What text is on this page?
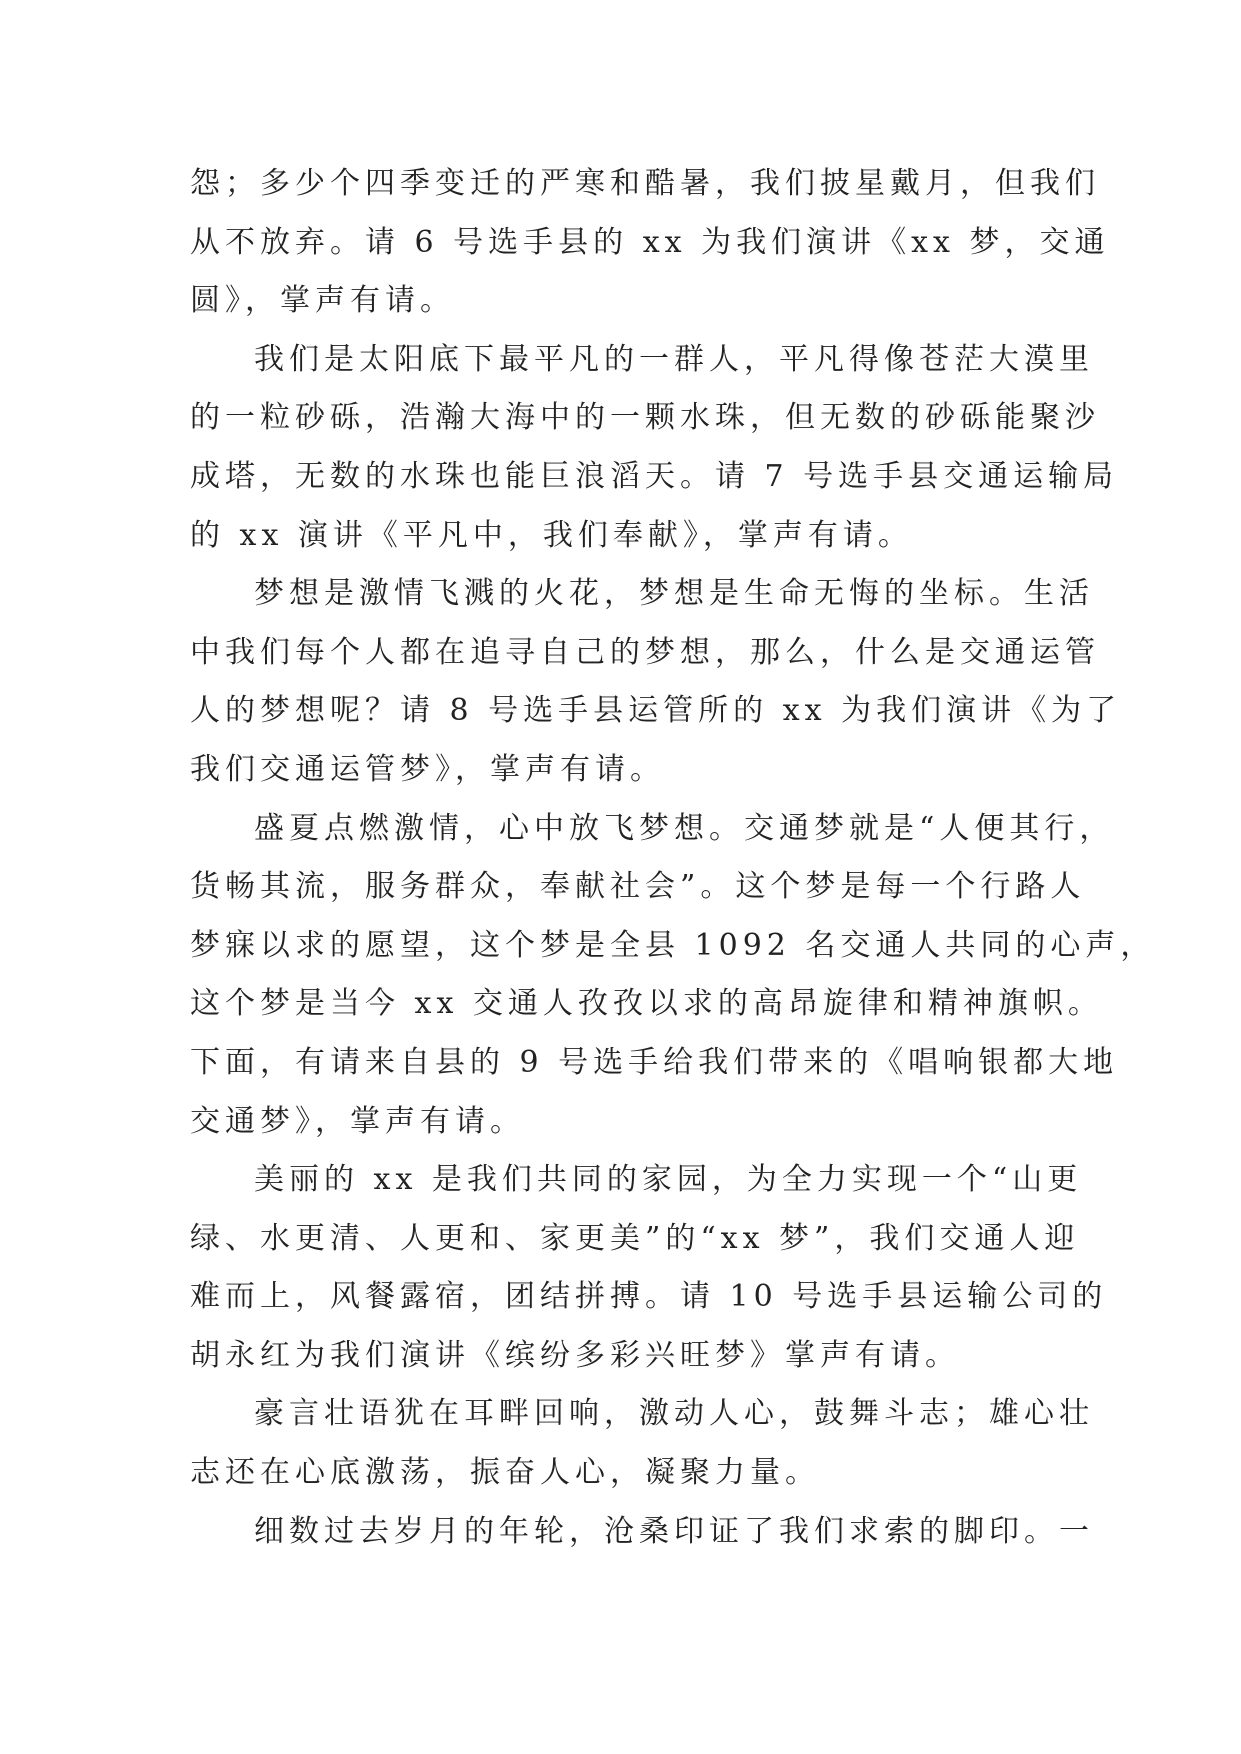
怨；多少个四季变迁的严寒和酷暑，我们披星戴月，但我们
从不放弃。请 6 号选手县的 xx 为我们演讲《xx 梦，交通
圆》，掌声有请。
我们是太阳底下最平凡的一群人，平凡得像苍茫大漠里
的一粒砂砾，浩瀚大海中的一颗水珠，但无数的砂砾能聚沙
成塔，无数的水珠也能巨浪滔天。请 7 号选手县交通运输局
的 xx 演讲《平凡中，我们奉献》，掌声有请。
梦想是激情飞溅的火花，梦想是生命无悔的坐标。生活
中我们每个人都在追寻自己的梦想，那么，什么是交通运管
人的梦想呢？请 8 号选手县运管所的 xx 为我们演讲《为了
我们交通运管梦》，掌声有请。
盛夏点燃激情，心中放飞梦想。交通梦就是“人便其行，
货畅其流，服务群众，奉献社会”。这个梦是每一个行路人
梦寐以求的愿望，这个梦是全县 1092 名交通人共同的心声，
这个梦是当今 xx 交通人孜孜以求的高昂旋律和精神旗帜。
下面，有请来自县的 9 号选手给我们带来的《唱响银都大地
交通梦》，掌声有请。
美丽的 xx 是我们共同的家园，为全力实现一个“山更
绿、水更清、人更和、家更美”的“xx 梦”，我们交通人迎
难而上，风餐露宿，团结拼搏。请 10 号选手县运输公司的
胡永红为我们演讲《缤纷多彩兴旺梦》掌声有请。
豪言壮语犹在耳畔回响，激动人心，鼓舞斗志；雄心壮
志还在心底激荡，振奋人心，凝聚力量。
细数过去岁月的年轮，沧桑印证了我们求索的脚印。一
